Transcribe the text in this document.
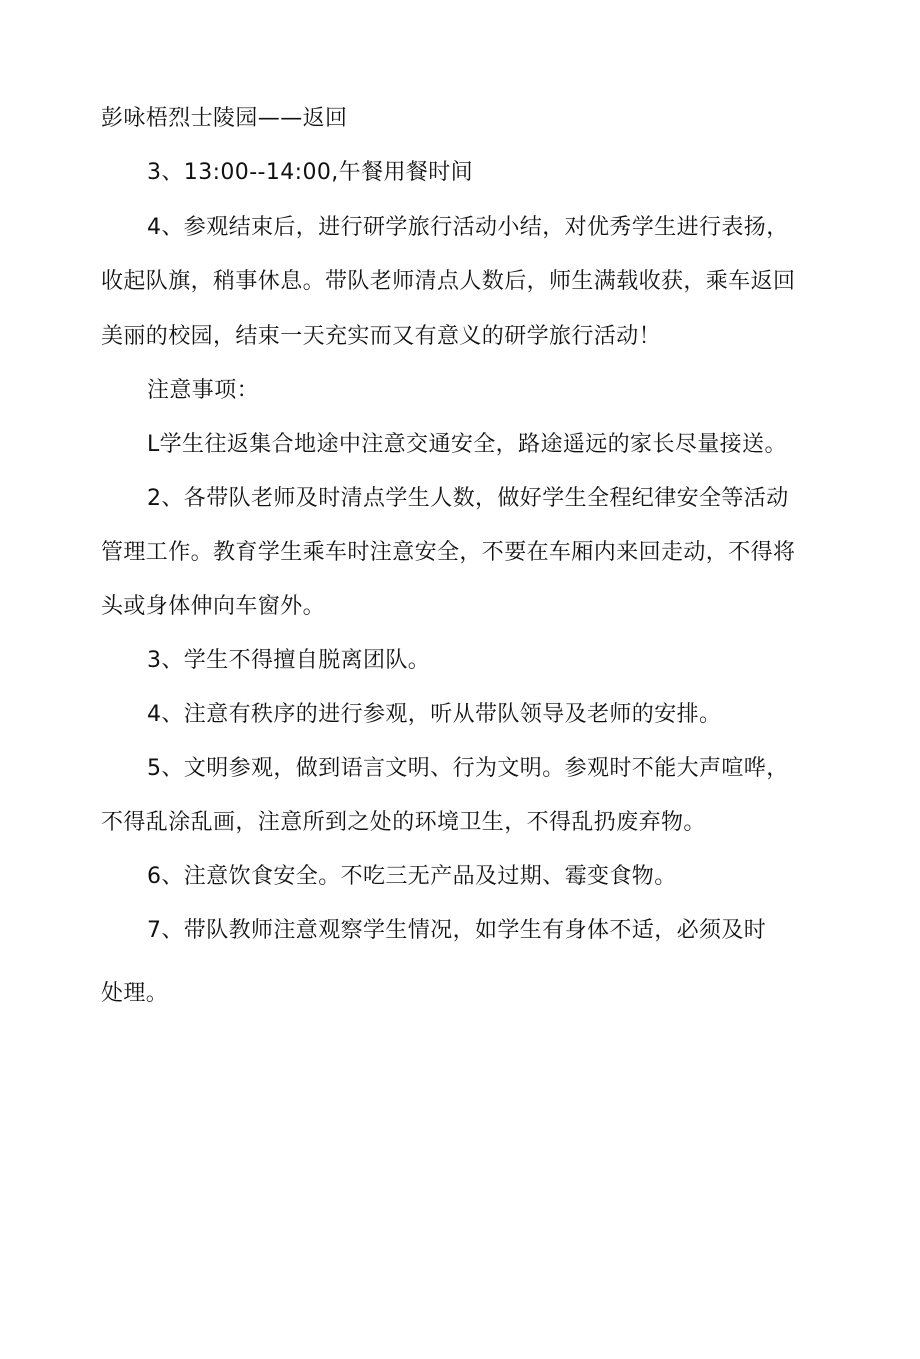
彭咏梧烈士陵园——返回
3、13:00--14:00,午餐用餐时间
4、参观结束后，进行研学旅行活动小结，对优秀学生进行表扬，
收起队旗，稍事休息。带队老师清点人数后，师生满载收获，乘车返回
美丽的校园，结束一天充实而又有意义的研学旅行活动！
注意事项：
L学生往返集合地途中注意交通安全，路途遥远的家长尽量接送。
2、各带队老师及时清点学生人数，做好学生全程纪律安全等活动
管理工作。教育学生乘车时注意安全，不要在车厢内来回走动，不得将
头或身体伸向车窗外。
3、学生不得擅自脱离团队。
4、注意有秩序的进行参观，听从带队领导及老师的安排。
5、文明参观，做到语言文明、行为文明。参观时不能大声喧哗，
不得乱涂乱画，注意所到之处的环境卫生，不得乱扔废弃物。
6、注意饮食安全。不吃三无产品及过期、霉变食物。
7、带队教师注意观察学生情况，如学生有身体不适，必须及时
处理。
